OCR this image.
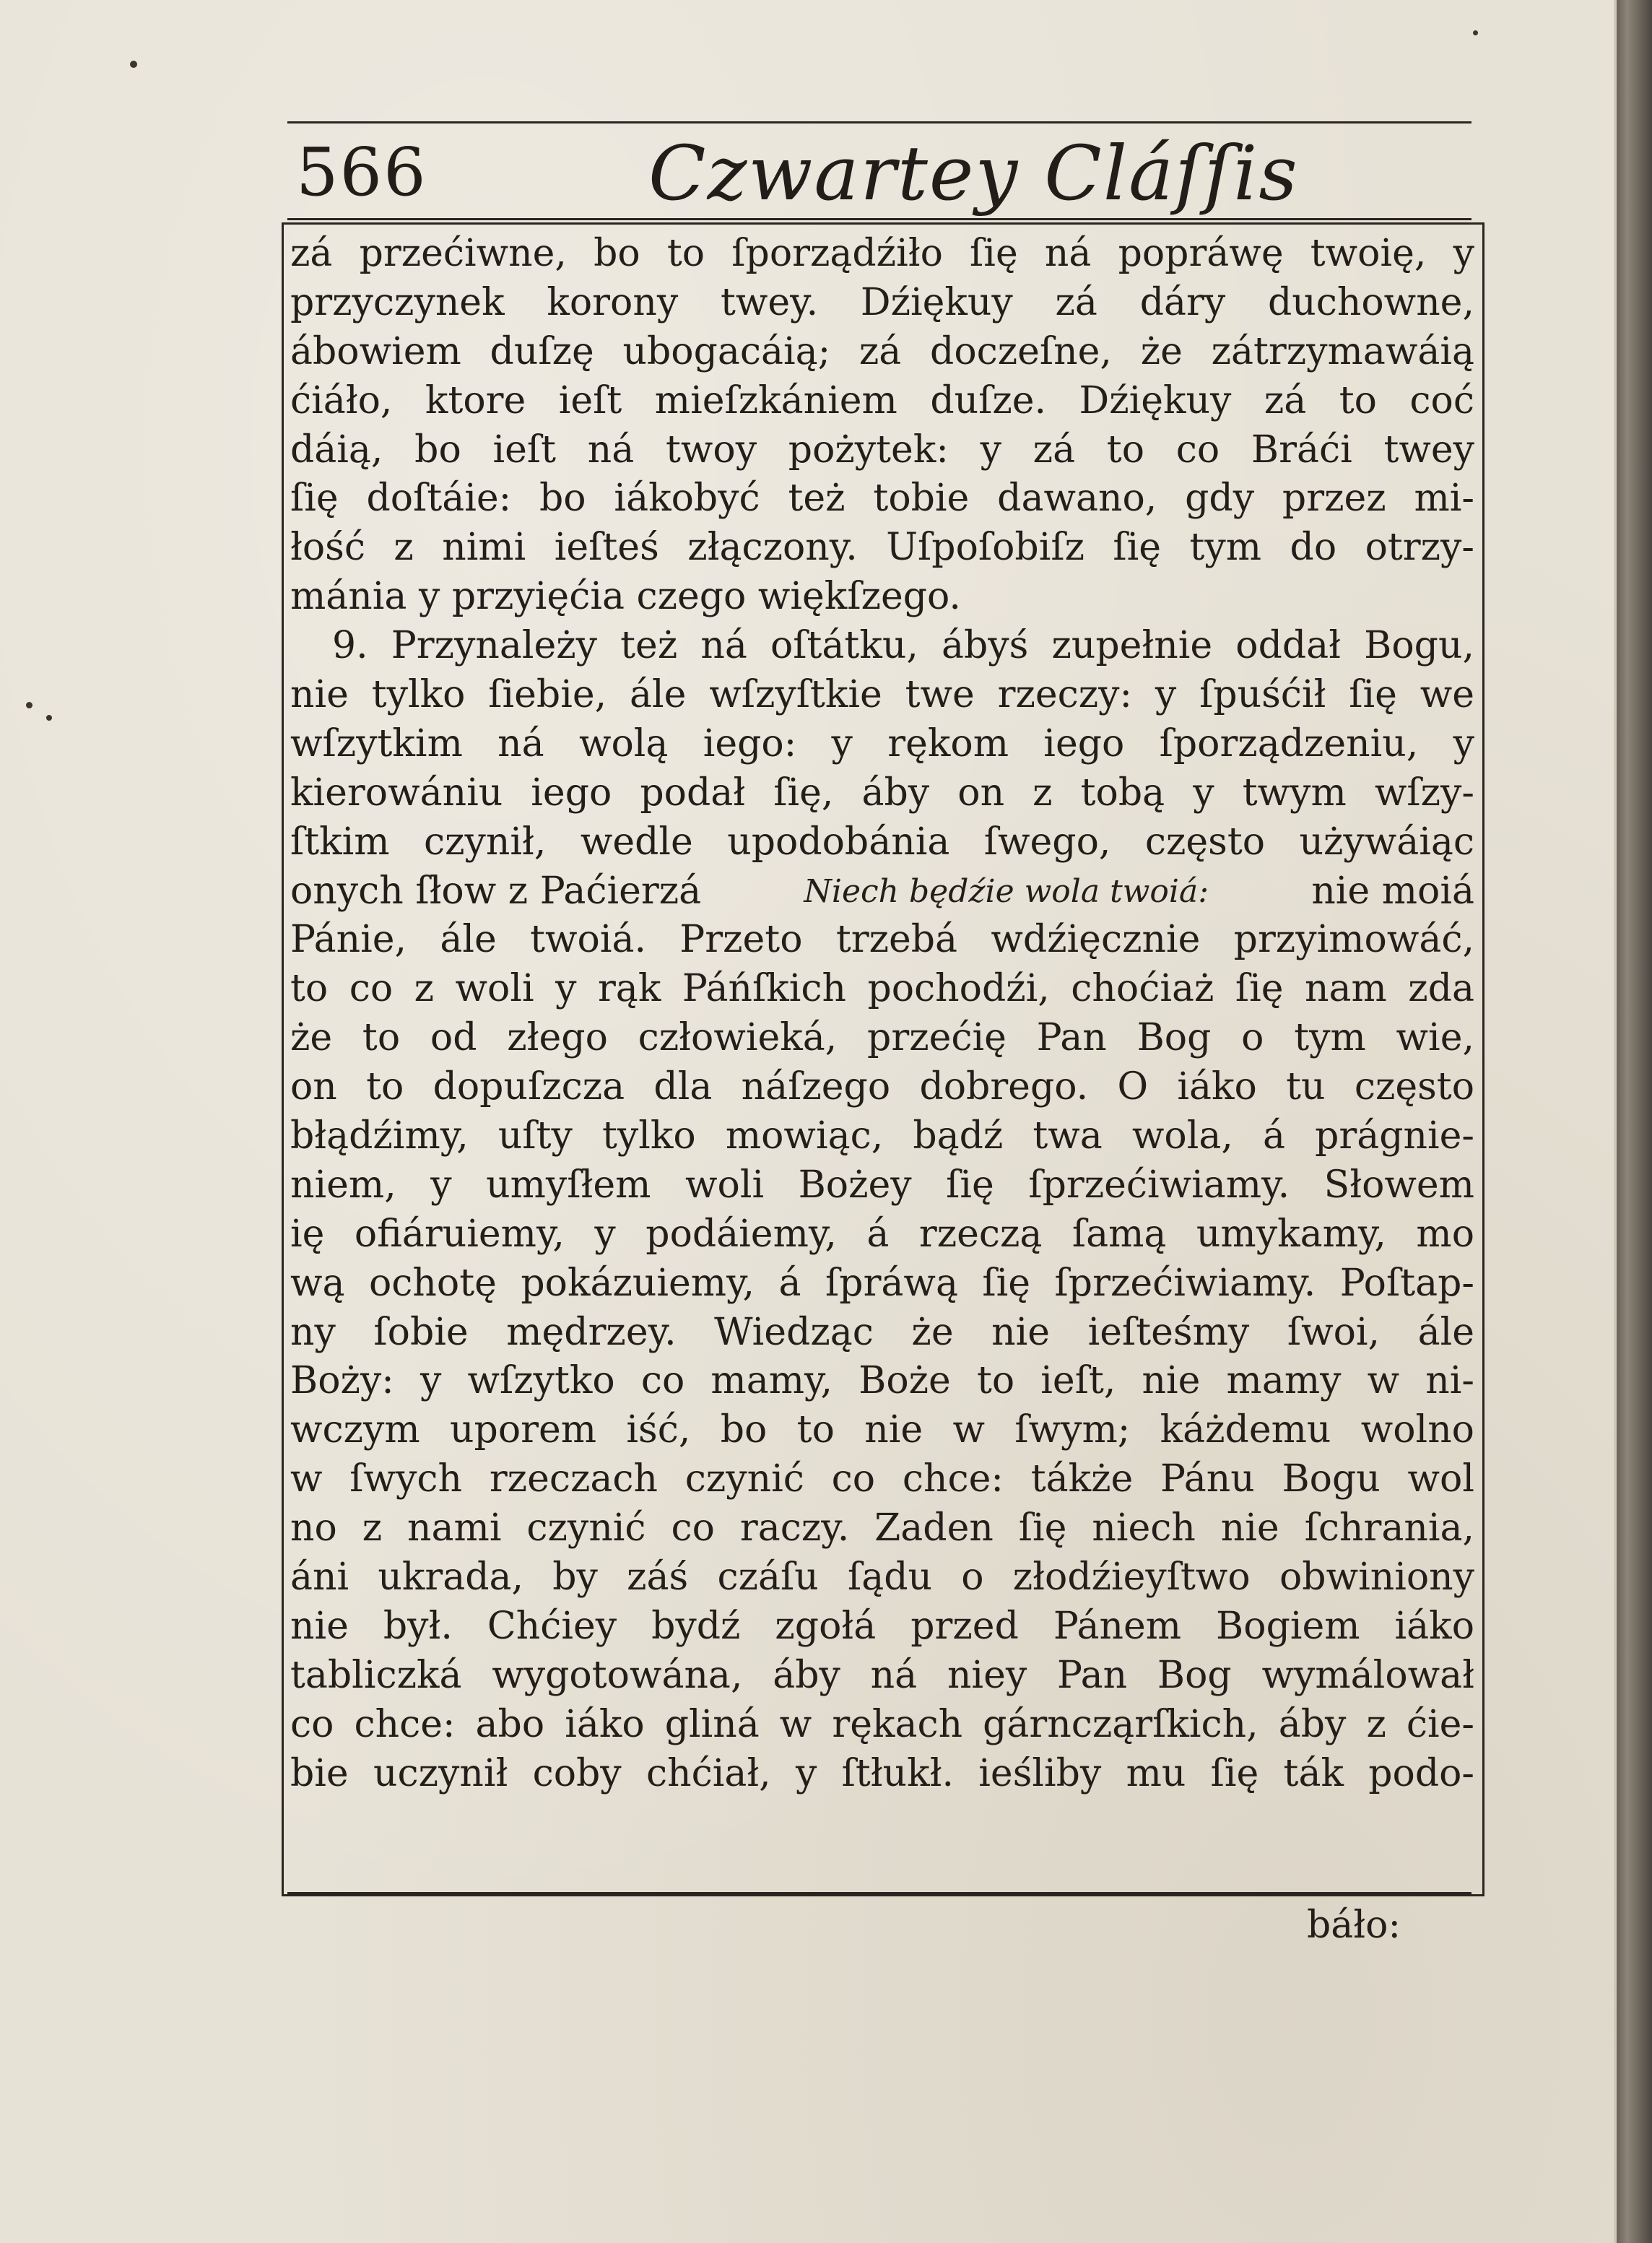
566	Czwartey Cláſſis
zá przećiwne, bo to ſporządźiło ſię ná popráwę twoię, y
przyczynek korony twey. Dźiękuy zá dáry duchowne,
ábowiem duſzę ubogacáią; zá doczeſne, że zátrzymawáią
ćiáło, ktore ieſt mieſzkániem duſze. Dźiękuy zá to coć
dáią, bo ieſt ná twoy pożytek: y zá to co Bráći twey
ſię doſtáie: bo iákobyć też tobie dawano, gdy przez mi-
łość z nimi ieſteś złączony. Uſpoſobiſz ſię tym do otrzy-
mánia y przyięćia czego więkſzego.
9. Przynależy też ná oſtátku, ábyś zupełnie oddał Bogu,
nie tylko ſiebie, ále wſzyſtkie twe rzeczy: y ſpuśćił ſię we
wſzytkim ná wolą iego: y rękom iego ſporządzeniu, y
kierowániu iego podał ſię, áby on z tobą y twym wſzy-
ſtkim czynił, wedle upodobánia ſwego, często używáiąc
onych ſłow z Paćierzá	Niech będźie wola twoiá:	nie moiá
Pánie, ále twoiá. Przeto trzebá wdźięcznie przyimowáć,
to co z woli y rąk Páńſkich pochodźi, choćiaż ſię nam zda
że to od złego człowieká, przećię Pan Bog o tym wie,
on to dopuſzcza dla náſzego dobrego. O iáko tu często
błądźimy, uſty tylko mowiąc, bądź twa wola, á prágnie-
niem, y umyſłem woli Bożey ſię ſprzećiwiamy. Słowem
ię ofiáruiemy, y podáiemy, á rzeczą ſamą umykamy, mo
wą ochotę pokázuiemy, á ſpráwą ſię ſprzećiwiamy. Poſtap-
ny ſobie mędrzey. Wiedząc że nie ieſteśmy ſwoi, ále
Boży: y wſzytko co mamy, Boże to ieſt, nie mamy w ni-
wczym uporem iść, bo to nie w ſwym; káżdemu wolno
w ſwych rzeczach czynić co chce: tákże Pánu Bogu wol
no z nami czynić co raczy. Zaden ſię niech nie ſchrania,
áni ukrada, by záś czáſu ſądu o złodźieyſtwo obwiniony
nie był. Chćiey bydź zgołá przed Pánem Bogiem iáko
tabliczká wygotowána, áby ná niey Pan Bog wymálował
co chce: abo iáko gliná w rękach gárncząrſkich, áby z ćie-
bie uczynił coby chćiał, y ſtłukł. ieśliby mu ſię ták podo-
báło:
